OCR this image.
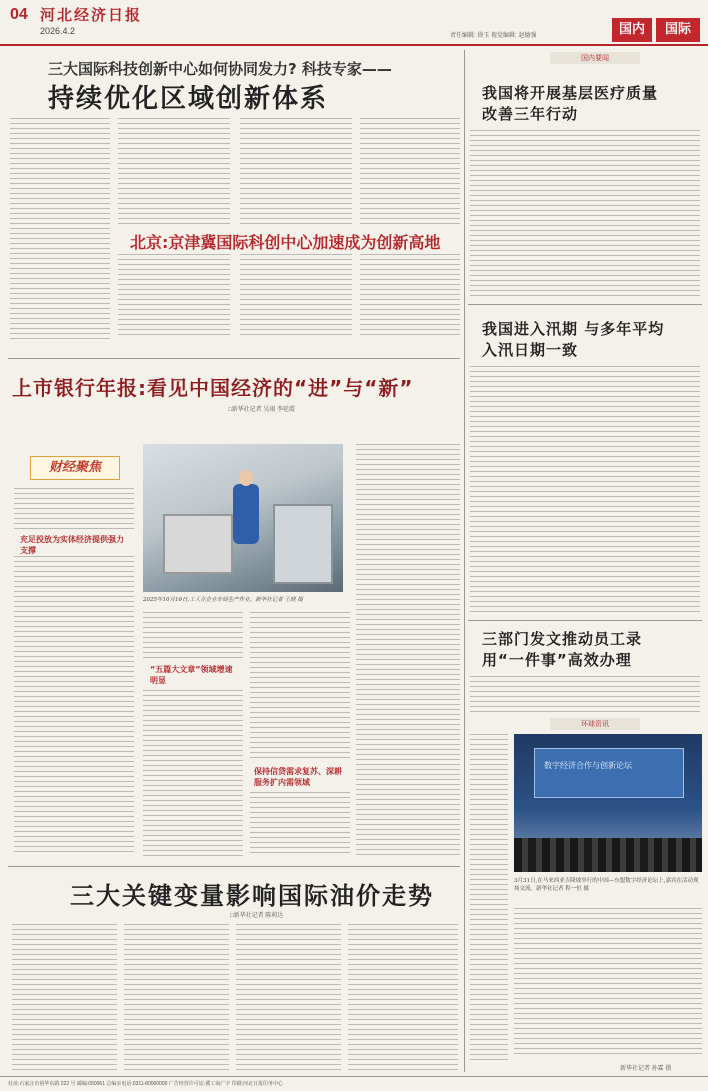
04 河北经济日报
2026.4.2	责任编辑: 徐玉 视觉编辑: 赵德强	国内	国际
三大国际科技创新中心如何协同发力? 科技专家——
持续优化区域创新体系
北京:京津冀国际科创中心加速成为创新高地
上市银行年报:看见中国经济的“进”与“新”
□新华社记者 吴雨 李延霞
财经聚焦
充足投放为实体经济提供强力支撑
2025年10月16日,工人在企业车间生产作业。新华社记者 王晓 摄
“五篇大文章”领域增速明显
保持信贷需求复苏、深耕服务扩内需领域
三大关键变量影响国际油价走势
□新华社记者 陈莉达
国内要闻
我国将开展基层医疗质量改善三年行动
我国进入汛期 与多年平均入汛日期一致
三部门发文推动员工录用“一件事”高效办理
环球资讯
数字经济合作与创新论坛
3月31日,在马来西亚吉隆坡举行的中国—东盟数字经济论坛上,嘉宾在活动现场交流。新华社记者 程一恒 摄
新华社记者 孙霖 摄
社址:石家庄市裕华东路 222 号 邮编:050061 总编室电话:0311-80000000 广告经营许可证:冀工商广字 印刷:河北日报印务中心
